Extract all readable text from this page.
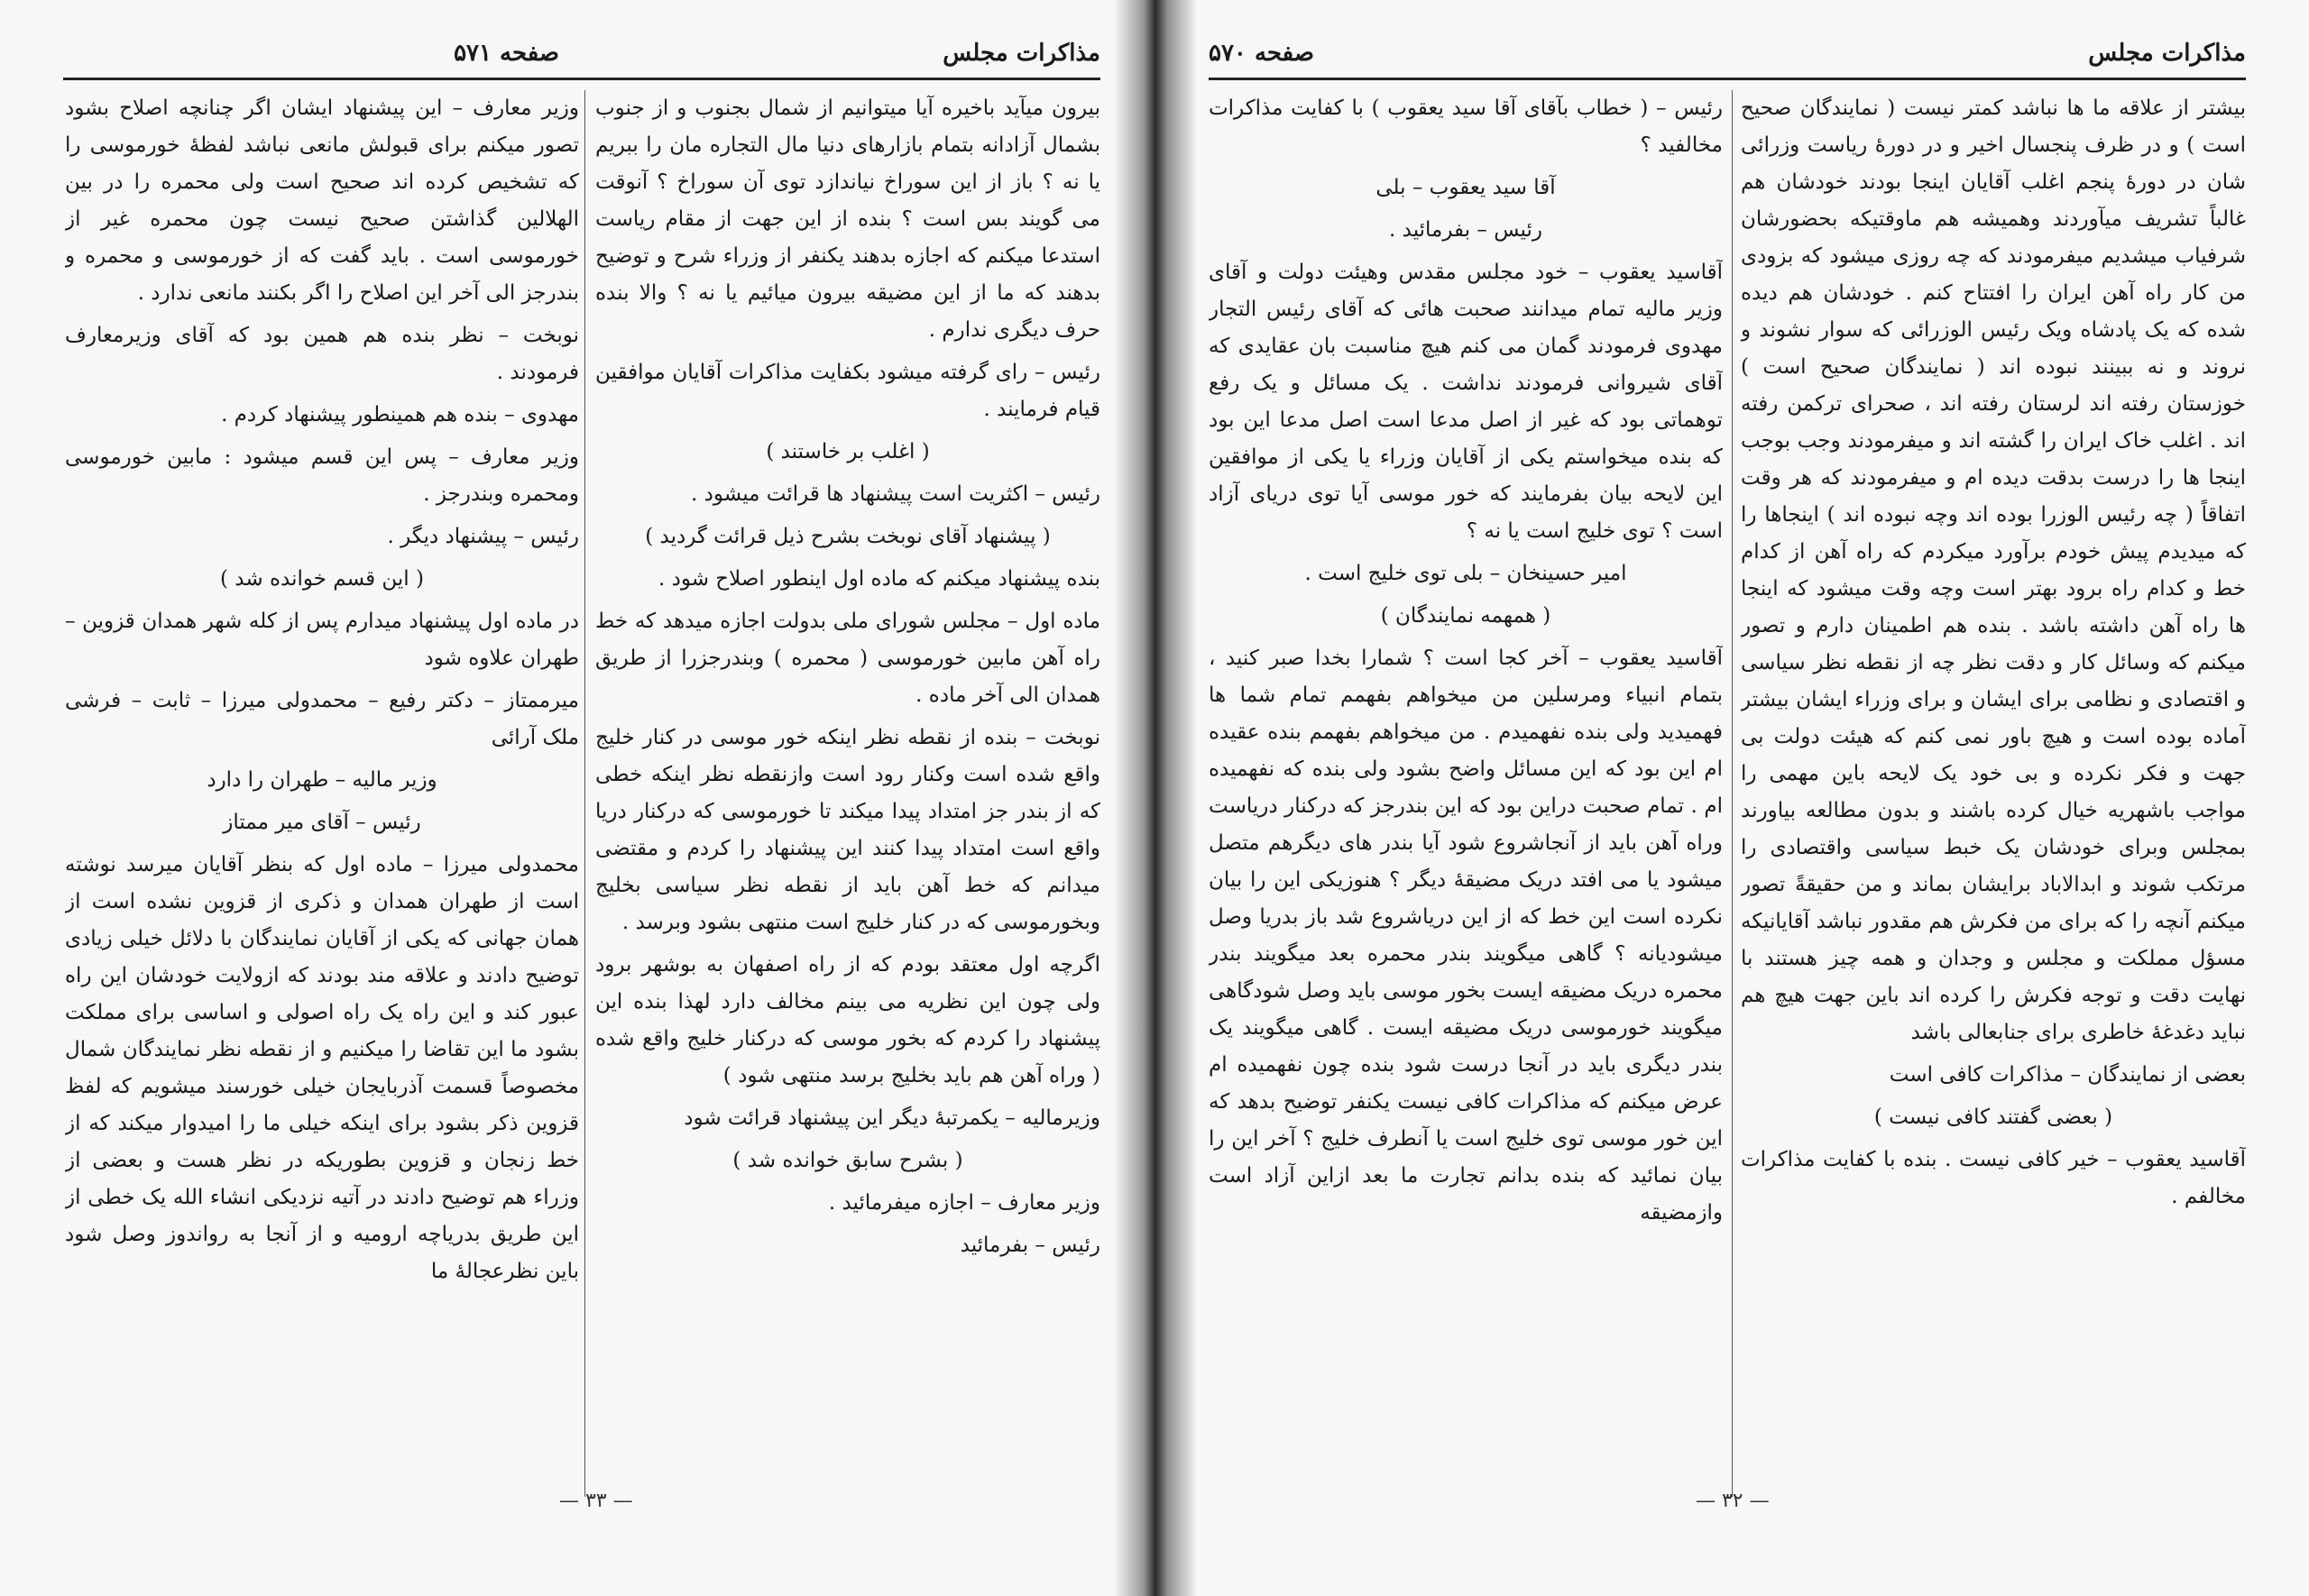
مذاکرات مجلس
صفحه ۵۷۱

بیرون میآید باخیره آیا میتوانیم از شمال بجنوب و از جنوب بشمال آزادانه بتمام بازارهای دنیا مال التجاره مان را ببریم یا نه ؟ باز از این سوراخ نیاندازد توی آن سوراخ ؟ آنوقت می گویند بس است ؟ بنده از این جهت از مقام ریاست استدعا میکنم که اجازه بدهند یکنفر از وزراء شرح و توضیح بدهند که ما از این مضیقه بیرون میائیم یا نه ؟ والا بنده حرف دیگری ندارم .

رئیس – رای گرفته میشود بکفایت مذاکرات آقایان موافقین قیام فرمایند .

( اغلب بر خاستند )

رئیس – اکثریت است پیشنهاد ها قرائت میشود .

( پیشنهاد آقای نوبخت بشرح ذیل قرائت گردید )

بنده پیشنهاد میکنم که ماده اول اینطور اصلاح شود .

ماده اول – مجلس شورای ملی بدولت اجازه میدهد که خط راه آهن مابین خورموسی ( محمره ) وبندرجزرا از طریق همدان الی آخر ماده .

نوبخت – بنده از نقطه نظر اینکه خور موسی در کنار خلیج واقع شده است وکنار رود است وازنقطه نظر اینکه خطی که از بندر جز امتداد پیدا میکند تا خورموسی که درکنار دریا واقع است امتداد پیدا کنند این پیشنهاد را کردم و مقتضی میدانم که خط آهن باید از نقطه نظر سیاسی بخلیج وبخورموسی که در کنار خلیج است منتهی بشود وبرسد .

اگرچه اول معتقد بودم که از راه اصفهان به بوشهر برود ولی چون این نظریه می بینم مخالف دارد لهذا بنده این پیشنهاد را کردم که بخور موسی که درکنار خلیج واقع شده ( وراه آهن هم باید بخلیج برسد منتهی شود )

وزیرمالیه – یکمرتبهٔ دیگر این پیشنهاد قرائت شود

( بشرح سابق خوانده شد )

وزیر معارف – اجازه میفرمائید .

رئیس – بفرمائید

وزیر معارف – این پیشنهاد ایشان اگر چنانچه اصلاح بشود تصور میکنم برای قبولش مانعی نباشد لفظهٔ خورموسی را که تشخیص کرده اند صحیح است ولی محمره را در بین الهلالین گذاشتن صحیح نیست چون محمره غیر از خورموسی است . باید گفت که از خورموسی و محمره و بندرجز الی آخر این اصلاح را اگر بکنند مانعی ندارد .

نوبخت – نظر بنده هم همین بود که آقای وزیرمعارف فرمودند .

مهدوی – بنده هم همینطور پیشنهاد کردم .

وزیر معارف – پس این قسم میشود : مابین خورموسی ومحمره وبندرجز .

رئیس – پیشنهاد دیگر .

( این قسم خوانده شد )

در ماده اول پیشنهاد میدارم پس از کله شهر همدان قزوین – طهران علاوه شود

میرممتاز – دکتر رفیع – محمدولی میرزا – ثابت – فرشی ملک آرائی

وزیر مالیه – طهران را دارد

رئیس – آقای میر ممتاز

محمدولی میرزا – ماده اول که بنظر آقایان میرسد نوشته است از طهران همدان و ذکری از قزوین نشده است از همان جهانی که یکی از آقایان نمایندگان با دلائل خیلی زیادی توضیح دادند و علاقه مند بودند که ازولایت خودشان این راه عبور کند و این راه یک راه اصولی و اساسی برای مملکت بشود ما این تقاضا را میکنیم و از نقطه نظر نمایندگان شمال مخصوصاً قسمت آذربایجان خیلی خورسند میشویم که لفظ قزوین ذکر بشود برای اینکه خیلی ما را امیدوار میکند که از خط زنجان و قزوین بطوریکه در نظر هست و بعضی از وزراء هم توضیح دادند در آتیه نزدیکی انشاء الله یک خطی از این طریق بدریاچه ارومیه و از آنجا به رواندوز وصل شود باین نظرعجالهٔ ما

— ۳۳ —
مذاکرات مجلس
صفحه ۵۷۰

بیشتر از علاقه ما ها نباشد کمتر نیست ( نمایندگان صحیح است ) و در ظرف پنجسال اخیر و در دورهٔ ریاست وزرائی شان در دورهٔ پنجم اغلب آقایان اینجا بودند خودشان هم غالباً تشریف میآوردند وهمیشه هم ماوقتیکه بحضورشان شرفیاب میشدیم میفرمودند که چه روزی میشود که بزودی من کار راه آهن ایران را افتتاح کنم . خودشان هم دیده شده که یک پادشاه ویک رئیس الوزرائی که سوار نشوند و نروند و نه ببینند نبوده اند ( نمایندگان صحیح است ) خوزستان رفته اند لرستان رفته اند ، صحرای ترکمن رفته اند . اغلب خاک ایران را گشته اند و میفرمودند وجب بوجب اینجا ها را درست بدقت دیده ام و میفرمودند که هر وقت اتفاقاً ( چه رئیس الوزرا بوده اند وچه نبوده اند ) اینجاها را که میدیدم پیش خودم برآورد میکردم که راه آهن از کدام خط و کدام راه برود بهتر است وچه وقت میشود که اینجا ها راه آهن داشته باشد . بنده هم اطمینان دارم و تصور میکنم که وسائل کار و دقت نظر چه از نقطه نظر سیاسی و اقتصادی و نظامی برای ایشان و برای وزراء ایشان بیشتر آماده بوده است و هیچ باور نمی کنم که هیئت دولت بی جهت و فکر نکرده و بی خود یک لایحه باین مهمی را مواجب باشهریه خیال کرده باشند و بدون مطالعه بیاورند بمجلس وبرای خودشان یک خبط سیاسی واقتصادی را مرتکب شوند و ابدالاباد برایشان بماند و من حقیقةً تصور میکنم آنچه را که برای من فکرش هم مقدور نباشد آقایانیکه مسؤل مملکت و مجلس و وجدان و همه چیز هستند با نهایت دقت و توجه فکرش را کرده اند باین جهت هیچ هم نباید دغدغهٔ خاطری برای جنابعالی باشد

بعضی از نمایندگان – مذاکرات کافی است

( بعضی گفتند کافی نیست )

آقاسید یعقوب – خیر کافی نیست . بنده با کفایت مذاکرات مخالفم .

رئیس – ( خطاب بآقای آقا سید یعقوب ) با کفایت مذاکرات مخالفید ؟

آقا سید یعقوب – بلی

رئیس – بفرمائید .

آقاسید یعقوب – خود مجلس مقدس وهیئت دولت و آقای وزیر مالیه تمام میدانند صحبت هائی که آقای رئیس التجار مهدوی فرمودند گمان می کنم هیچ مناسبت بان عقایدی که آقای شیروانی فرمودند نداشت . یک مسائل و یک رفع توهماتی بود که غیر از اصل مدعا است اصل مدعا این بود که بنده میخواستم یکی از آقایان وزراء یا یکی از موافقین این لایحه بیان بفرمایند که خور موسی آیا توی دریای آزاد است ؟ توی خلیج است یا نه ؟

امیر حسینخان – بلی توی خلیج است .

( همهمه نمایندگان )

آقاسید یعقوب – آخر کجا است ؟ شمارا بخدا صبر کنید ، بتمام انبیاء ومرسلین من میخواهم بفهمم تمام شما ها فهمیدید ولی بنده نفهمیدم . من میخواهم بفهمم بنده عقیده ام این بود که این مسائل واضح بشود ولی بنده که نفهمیده ام . تمام صحبت دراین بود که این بندرجز که درکنار دریاست وراه آهن باید از آنجاشروع شود آیا بندر های دیگرهم متصل میشود یا می افتد دریک مضیقهٔ دیگر ؟ هنوزیکی این را بیان نکرده است این خط که از این دریاشروع شد باز بدریا وصل میشودیانه ؟ گاهی میگویند بندر محمره بعد میگویند بندر محمره دریک مضیقه ایست بخور موسی باید وصل شودگاهی میگویند خورموسی دریک مضیقه ایست . گاهی میگویند یک بندر دیگری باید در آنجا درست شود بنده چون نفهمیده ام عرض میکنم که مذاکرات کافی نیست یکنفر توضیح بدهد که این خور موسی توی خلیج است یا آنطرف خلیج ؟ آخر این را بیان نمائید که بنده بدانم تجارت ما بعد ازاین آزاد است وازمضیقه

— ۳۲ —
